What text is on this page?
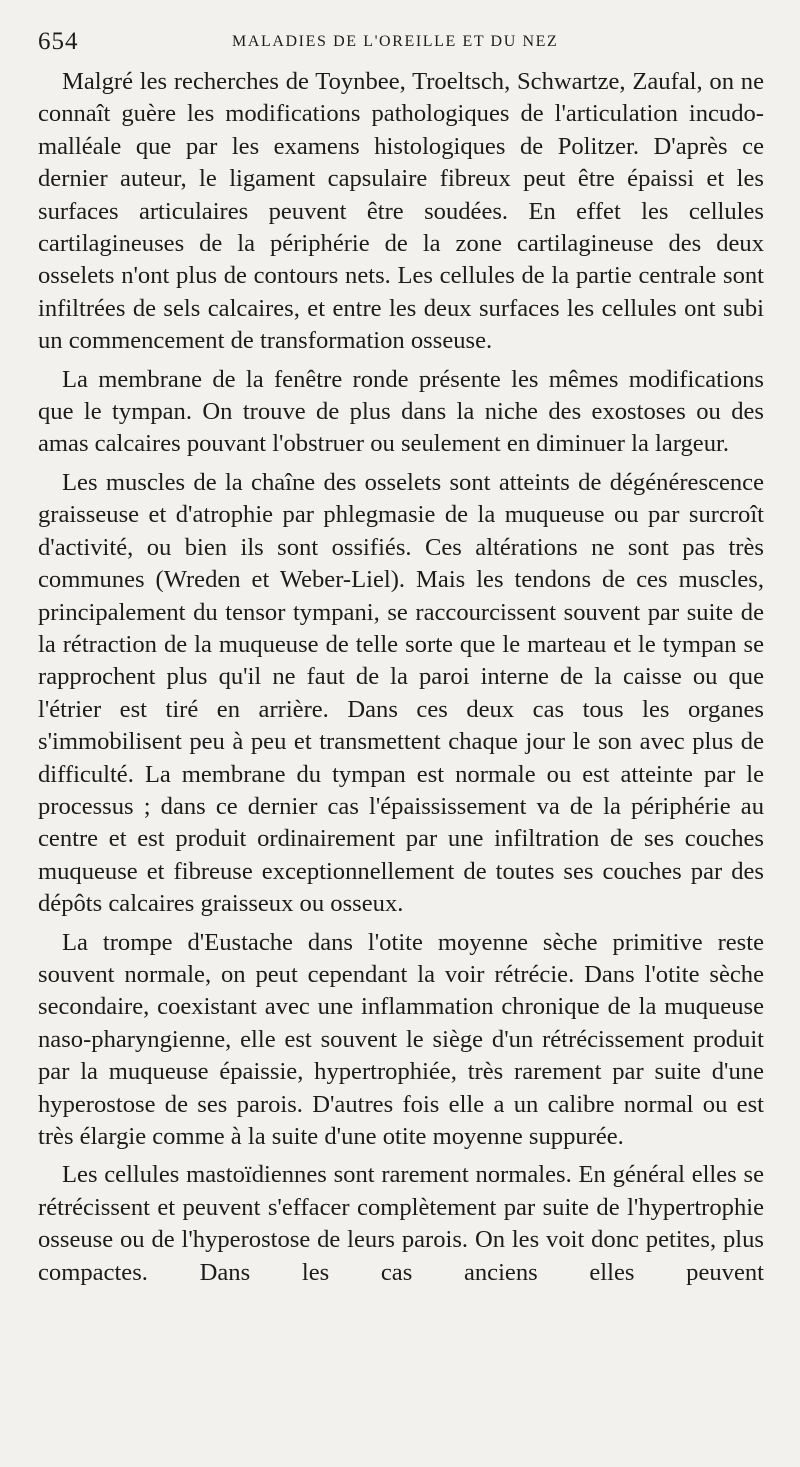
654	MALADIES DE L'OREILLE ET DU NEZ

Malgré les recherches de Toynbee, Troeltsch, Schwartze, Zaufal, on ne connaît guère les modifications pathologiques de l'articulation incudo-malléale que par les examens histologiques de Politzer. D'après ce dernier auteur, le ligament capsulaire fibreux peut être épaissi et les surfaces articulaires peuvent être soudées. En effet les cellules cartilagineuses de la périphérie de la zone cartilagineuse des deux osselets n'ont plus de contours nets. Les cellules de la partie centrale sont infiltrées de sels calcaires, et entre les deux surfaces les cellules ont subi un commencement de transformation osseuse.

La membrane de la fenêtre ronde présente les mêmes modifications que le tympan. On trouve de plus dans la niche des exostoses ou des amas calcaires pouvant l'obstruer ou seulement en diminuer la largeur.

Les muscles de la chaîne des osselets sont atteints de dégénérescence graisseuse et d'atrophie par phlegmasie de la muqueuse ou par surcroît d'activité, ou bien ils sont ossifiés. Ces altérations ne sont pas très communes (Wreden et Weber-Liel). Mais les tendons de ces muscles, principalement du tensor tympani, se raccourcissent souvent par suite de la rétraction de la muqueuse de telle sorte que le marteau et le tympan se rapprochent plus qu'il ne faut de la paroi interne de la caisse ou que l'étrier est tiré en arrière. Dans ces deux cas tous les organes s'immobilisent peu à peu et transmettent chaque jour le son avec plus de difficulté. La membrane du tympan est normale ou est atteinte par le processus ; dans ce dernier cas l'épaississement va de la périphérie au centre et est produit ordinairement par une infiltration de ses couches muqueuse et fibreuse exceptionnellement de toutes ses couches par des dépôts calcaires graisseux ou osseux.

La trompe d'Eustache dans l'otite moyenne sèche primitive reste souvent normale, on peut cependant la voir rétrécie. Dans l'otite sèche secondaire, coexistant avec une inflammation chronique de la muqueuse naso-pharyngienne, elle est souvent le siège d'un rétrécissement produit par la muqueuse épaissie, hypertrophiée, très rarement par suite d'une hyperostose de ses parois. D'autres fois elle a un calibre normal ou est très élargie comme à la suite d'une otite moyenne suppurée.

Les cellules mastoïdiennes sont rarement normales. En général elles se rétrécissent et peuvent s'effacer complètement par suite de l'hypertrophie osseuse ou de l'hyperostose de leurs parois. On les voit donc petites, plus compactes. Dans les cas anciens elles peuvent
